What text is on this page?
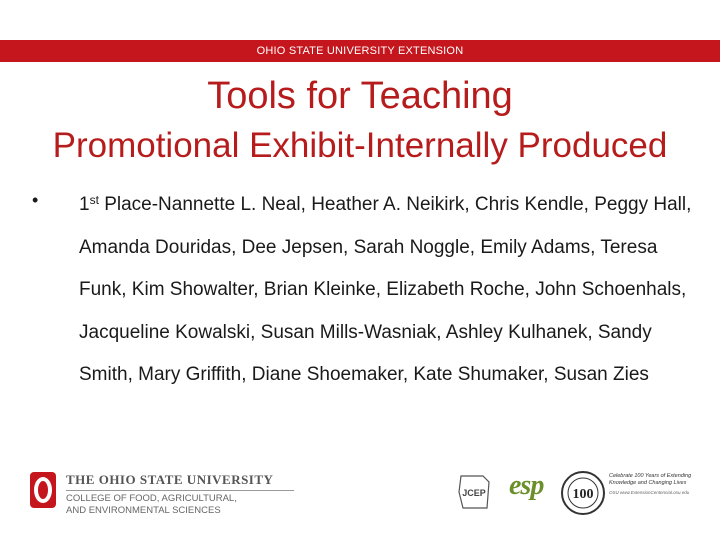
OHIO STATE UNIVERSITY EXTENSION
Tools for Teaching
Promotional Exhibit-Internally Produced
• 1st Place-Nannette L. Neal, Heather A. Neikirk, Chris Kendle, Peggy Hall, Amanda Douridas, Dee Jepsen, Sarah Noggle, Emily Adams, Teresa Funk, Kim Showalter, Brian Kleinke, Elizabeth Roche, John Schoenhals, Jacqueline Kowalski, Susan Mills-Wasniak, Ashley Kulhanek, Sandy Smith, Mary Griffith, Diane Shoemaker, Kate Shumaker, Susan Zies
THE OHIO STATE UNIVERSITY
COLLEGE OF FOOD, AGRICULTURAL,
AND ENVIRONMENTAL SCIENCES
JCEP esp	100
Celebrate 100 Years of Extending Knowledge and Changing Lives
OSU www.ExtensionCentennial.osu.edu
